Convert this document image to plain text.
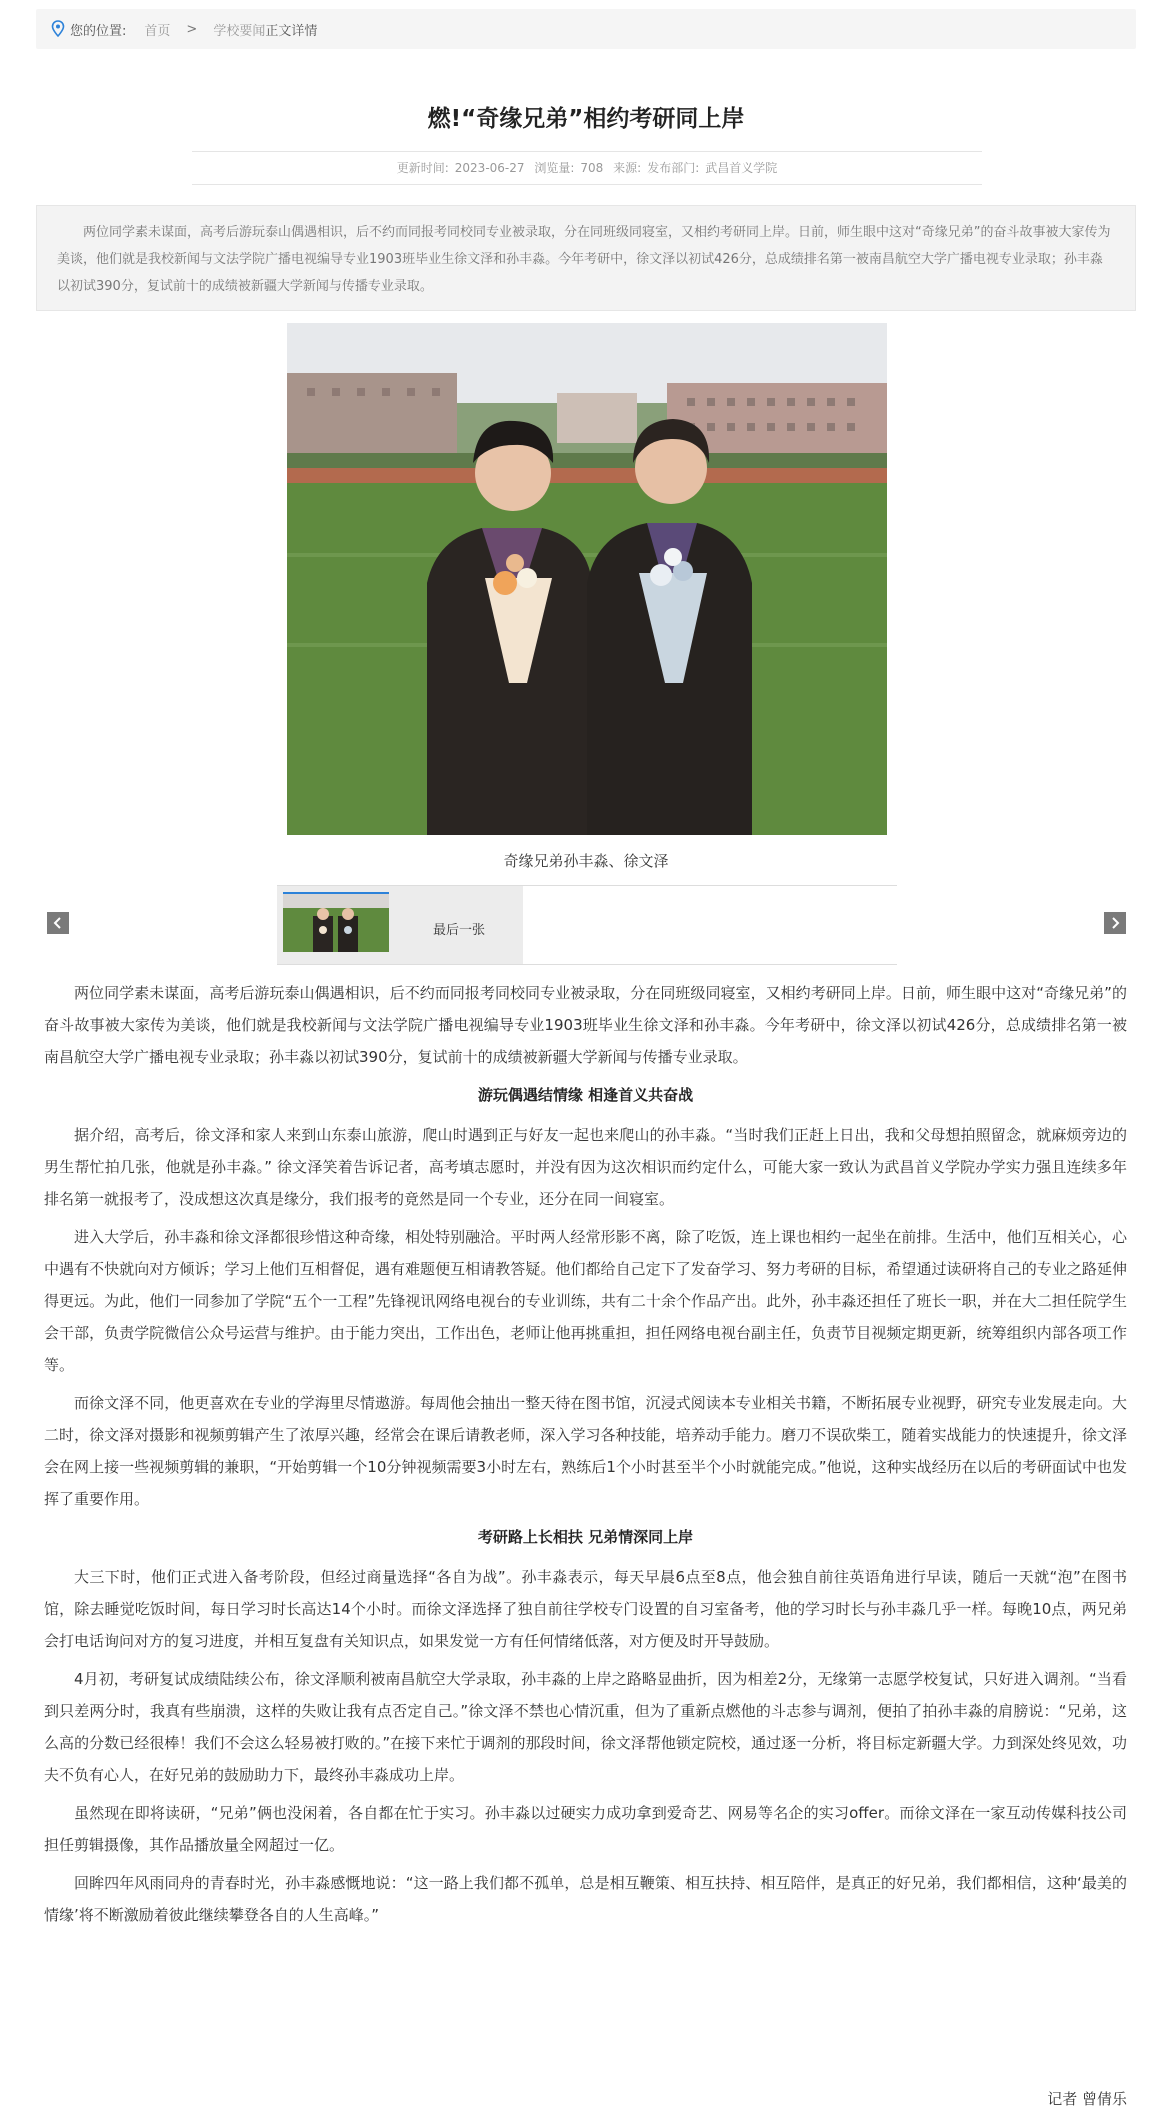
您的位置: 首页 > 学校要闻 正文详情
燃!“奇缘兄弟”相约考研同上岸
更新时间: 2023-06-27 浏览量: 708 来源: 发布部门: 武昌首义学院
两位同学素未谋面，高考后游玩泰山偶遇相识，后不约而同报考同校同专业被录取，分在同班级同寝室，又相约考研同上岸。日前，师生眼中这对“奇缘兄弟”的奋斗故事被大家传为美谈，他们就是我校新闻与文法学院广播电视编导专业1903班毕业生徐文泽和孙丰淼。今年考研中，徐文泽以初试426分，总成绩排名第一被南昌航空大学广播电视专业录取；孙丰淼以初试390分，复试前十的成绩被新疆大学新闻与传播专业录取。
奇缘兄弟孙丰淼、徐文泽
最后一张

两位同学素未谋面，高考后游玩泰山偶遇相识，后不约而同报考同校同专业被录取，分在同班级同寝室，又相约考研同上岸。日前，师生眼中这对“奇缘兄弟”的奋斗故事被大家传为美谈，他们就是我校新闻与文法学院广播电视编导专业1903班毕业生徐文泽和孙丰淼。今年考研中，徐文泽以初试426分，总成绩排名第一被南昌航空大学广播电视专业录取；孙丰淼以初试390分，复试前十的成绩被新疆大学新闻与传播专业录取。

游玩偶遇结情缘 相逢首义共奋战

据介绍，高考后，徐文泽和家人来到山东泰山旅游，爬山时遇到正与好友一起也来爬山的孙丰淼。“当时我们正赶上日出，我和父母想拍照留念，就麻烦旁边的男生帮忙拍几张，他就是孙丰淼。” 徐文泽笑着告诉记者，高考填志愿时，并没有因为这次相识而约定什么，可能大家一致认为武昌首义学院办学实力强且连续多年排名第一就报考了，没成想这次真是缘分，我们报考的竟然是同一个专业，还分在同一间寝室。

进入大学后，孙丰淼和徐文泽都很珍惜这种奇缘，相处特别融洽。平时两人经常形影不离，除了吃饭，连上课也相约一起坐在前排。生活中，他们互相关心，心中遇有不快就向对方倾诉；学习上他们互相督促，遇有难题便互相请教答疑。他们都给自己定下了发奋学习、努力考研的目标，希望通过读研将自己的专业之路延伸得更远。为此，他们一同参加了学院“五个一工程”先锋视讯网络电视台的专业训练，共有二十余个作品产出。此外，孙丰淼还担任了班长一职，并在大二担任院学生会干部，负责学院微信公众号运营与维护。由于能力突出，工作出色，老师让他再挑重担，担任网络电视台副主任，负责节目视频定期更新，统筹组织内部各项工作等。

而徐文泽不同，他更喜欢在专业的学海里尽情遨游。每周他会抽出一整天待在图书馆，沉浸式阅读本专业相关书籍，不断拓展专业视野，研究专业发展走向。大二时，徐文泽对摄影和视频剪辑产生了浓厚兴趣，经常会在课后请教老师，深入学习各种技能，培养动手能力。磨刀不误砍柴工，随着实战能力的快速提升，徐文泽会在网上接一些视频剪辑的兼职，“开始剪辑一个10分钟视频需要3小时左右，熟练后1个小时甚至半个小时就能完成。”他说，这种实战经历在以后的考研面试中也发挥了重要作用。

考研路上长相扶 兄弟情深同上岸

大三下时，他们正式进入备考阶段，但经过商量选择“各自为战”。孙丰淼表示，每天早晨6点至8点，他会独自前往英语角进行早读，随后一天就“泡”在图书馆，除去睡觉吃饭时间，每日学习时长高达14个小时。而徐文泽选择了独自前往学校专门设置的自习室备考，他的学习时长与孙丰淼几乎一样。每晚10点，两兄弟会打电话询问对方的复习进度，并相互复盘有关知识点，如果发觉一方有任何情绪低落，对方便及时开导鼓励。

4月初，考研复试成绩陆续公布，徐文泽顺利被南昌航空大学录取，孙丰淼的上岸之路略显曲折，因为相差2分，无缘第一志愿学校复试，只好进入调剂。“当看到只差两分时，我真有些崩溃，这样的失败让我有点否定自己。”徐文泽不禁也心情沉重，但为了重新点燃他的斗志参与调剂，便拍了拍孙丰淼的肩膀说：“兄弟，这么高的分数已经很棒！我们不会这么轻易被打败的。”在接下来忙于调剂的那段时间，徐文泽帮他锁定院校，通过逐一分析，将目标定新疆大学。力到深处终见效，功夫不负有心人，在好兄弟的鼓励助力下，最终孙丰淼成功上岸。

虽然现在即将读研，“兄弟”俩也没闲着，各自都在忙于实习。孙丰淼以过硬实力成功拿到爱奇艺、网易等名企的实习offer。而徐文泽在一家互动传媒科技公司担任剪辑摄像，其作品播放量全网超过一亿。

回眸四年风雨同舟的青春时光，孙丰淼感慨地说：“这一路上我们都不孤单，总是相互鞭策、相互扶持、相互陪伴，是真正的好兄弟，我们都相信，这种‘最美的情缘’将不断激励着彼此继续攀登各自的人生高峰。”

记者 曾倩乐
